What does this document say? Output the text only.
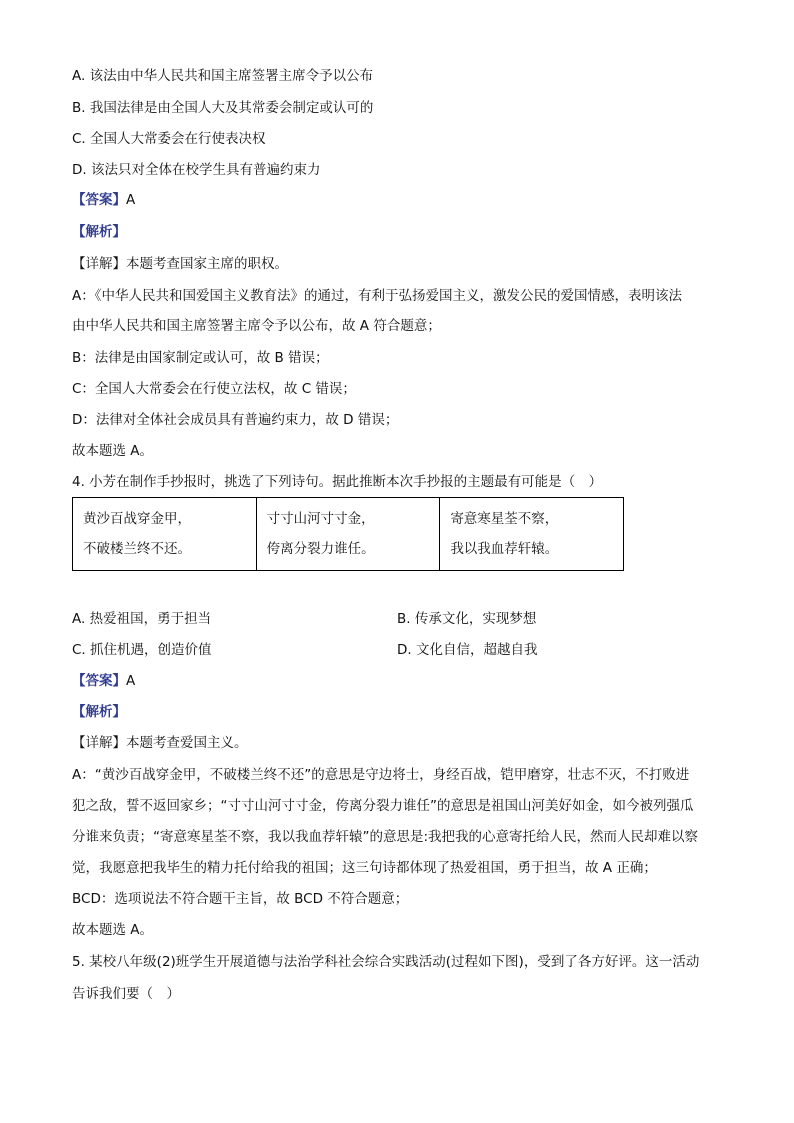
A. 该法由中华人民共和国主席签署主席令予以公布
B. 我国法律是由全国人大及其常委会制定或认可的
C. 全国人大常委会在行使表决权
D. 该法只对全体在校学生具有普遍约束力
【答案】A
【解析】
【详解】本题考查国家主席的职权。
A：《中华人民共和国爱国主义教育法》的通过，有利于弘扬爱国主义，激发公民的爱国情感，表明该法
由中华人民共和国主席签署主席令予以公布，故 A 符合题意；
B：法律是由国家制定或认可，故 B 错误；
C：全国人大常委会在行使立法权，故 C 错误；
D：法律对全体社会成员具有普遍约束力，故 D 错误；
故本题选 A。
4. 小芳在制作手抄报时，挑选了下列诗句。据此推断本次手抄报的主题最有可能是（　）
黄沙百战穿金甲，
不破楼兰终不还。

寸寸山河寸寸金，
侉离分裂力谁任。

寄意寒星荃不察，
我以我血荐轩辕。
A. 热爱祖国，勇于担当	B. 传承文化，实现梦想
C. 抓住机遇，创造价值	D. 文化自信，超越自我
【答案】A
【解析】
【详解】本题考查爱国主义。
A：“黄沙百战穿金甲，不破楼兰终不还”的意思是守边将士，身经百战，铠甲磨穿，壮志不灭，不打败进
犯之敌，誓不返回家乡；“寸寸山河寸寸金，侉离分裂力谁任”的意思是祖国山河美好如金，如今被列强瓜
分谁来负责；“寄意寒星荃不察，我以我血荐轩辕”的意思是:我把我的心意寄托给人民，然而人民却难以察
觉，我愿意把我毕生的精力托付给我的祖国；这三句诗都体现了热爱祖国，勇于担当，故 A 正确；
BCD：选项说法不符合题干主旨，故 BCD 不符合题意；
故本题选 A。
5. 某校八年级(2)班学生开展道德与法治学科社会综合实践活动(过程如下图)，受到了各方好评。这一活动
告诉我们要（　）
